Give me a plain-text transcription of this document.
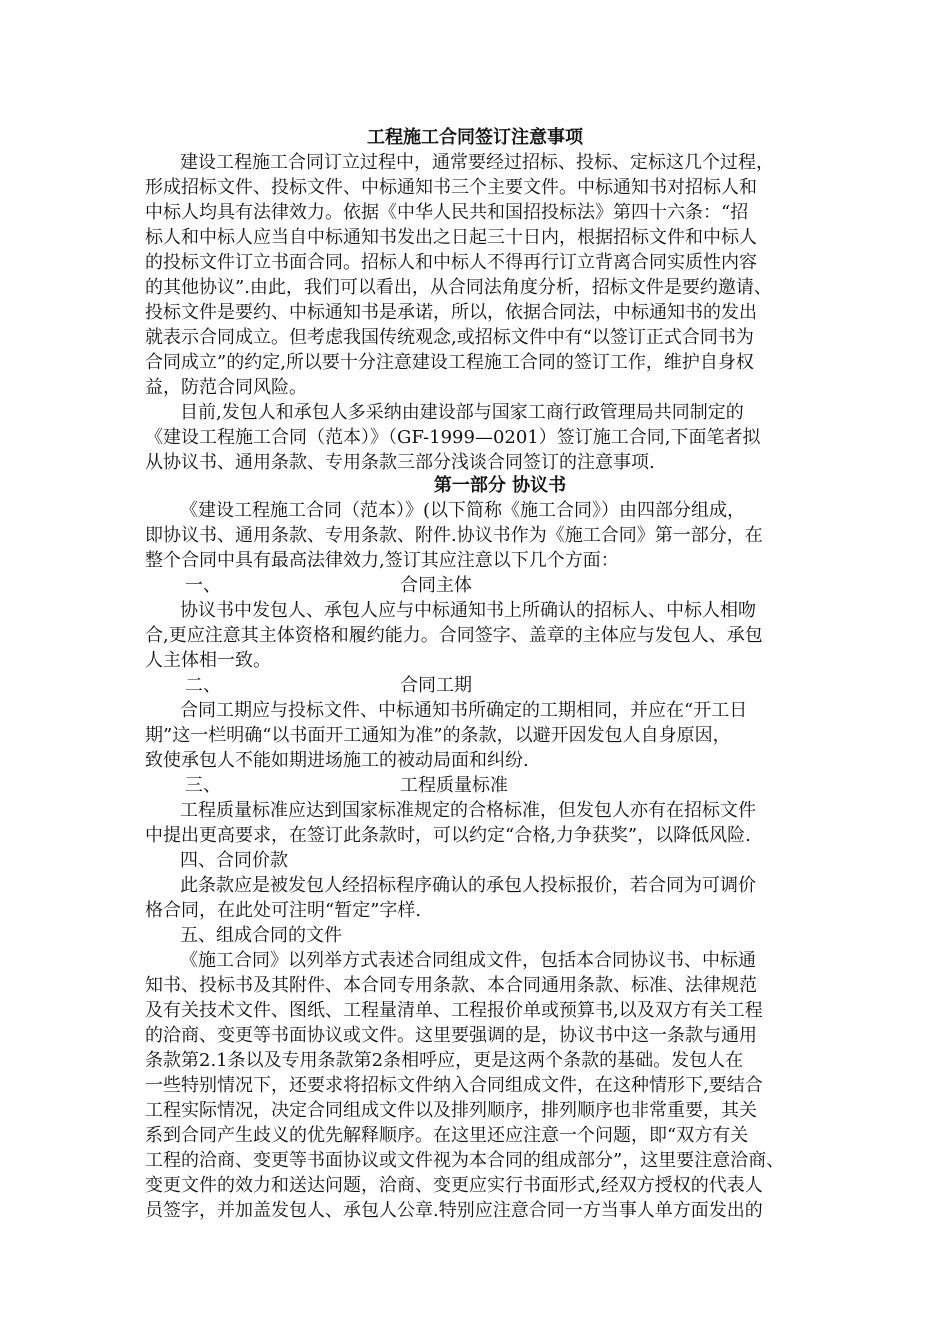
工程施工合同签订注意事项
建设工程施工合同订立过程中，通常要经过招标、投标、定标这几个过程，
形成招标文件、投标文件、中标通知书三个主要文件。中标通知书对招标人和
中标人均具有法律效力。依据《中华人民共和国招投标法》第四十六条：“招
标人和中标人应当自中标通知书发出之日起三十日内，根据招标文件和中标人
的投标文件订立书面合同。招标人和中标人不得再行订立背离合同实质性内容
的其他协议”.由此，我们可以看出，从合同法角度分析，招标文件是要约邀请、
投标文件是要约、中标通知书是承诺，所以，依据合同法，中标通知书的发出
就表示合同成立。但考虑我国传统观念,或招标文件中有“以签订正式合同书为
合同成立”的约定,所以要十分注意建设工程施工合同的签订工作，维护自身权
益，防范合同风险。
目前,发包人和承包人多采纳由建设部与国家工商行政管理局共同制定的
《建设工程施工合同（范本）》（GF-1999—0201）签订施工合同,下面笔者拟
从协议书、通用条款、专用条款三部分浅谈合同签订的注意事项.
第一部分 协议书
《建设工程施工合同（范本）》(以下简称《施工合同》）由四部分组成，
即协议书、通用条款、专用条款、附件.协议书作为《施工合同》第一部分，在
整个合同中具有最高法律效力,签订其应注意以下几个方面：
一、	合同主体
协议书中发包人、承包人应与中标通知书上所确认的招标人、中标人相吻
合,更应注意其主体资格和履约能力。合同签字、盖章的主体应与发包人、承包
人主体相一致。
二、	合同工期
合同工期应与投标文件、中标通知书所确定的工期相同，并应在“开工日
期”这一栏明确“以书面开工通知为准”的条款，以避开因发包人自身原因，
致使承包人不能如期进场施工的被动局面和纠纷.
三、	工程质量标准
工程质量标准应达到国家标准规定的合格标准，但发包人亦有在招标文件
中提出更高要求，在签订此条款时，可以约定“合格,力争获奖”，以降低风险.
四、合同价款
此条款应是被发包人经招标程序确认的承包人投标报价，若合同为可调价
格合同，在此处可注明“暂定”字样.
五、组成合同的文件
《施工合同》以列举方式表述合同组成文件，包括本合同协议书、中标通
知书、投标书及其附件、本合同专用条款、本合同通用条款、标准、法律规范
及有关技术文件、图纸、工程量清单、工程报价单或预算书,以及双方有关工程
的洽商、变更等书面协议或文件。这里要强调的是，协议书中这一条款与通用
条款第2.1条以及专用条款第2条相呼应，更是这两个条款的基础。发包人在
一些特别情况下，还要求将招标文件纳入合同组成文件，在这种情形下,要结合
工程实际情况，决定合同组成文件以及排列顺序，排列顺序也非常重要，其关
系到合同产生歧义的优先解释顺序。在这里还应注意一个问题，即“双方有关
工程的洽商、变更等书面协议或文件视为本合同的组成部分”，这里要注意洽商、
变更文件的效力和送达问题，洽商、变更应实行书面形式,经双方授权的代表人
员签字，并加盖发包人、承包人公章.特别应注意合同一方当事人单方面发出的
